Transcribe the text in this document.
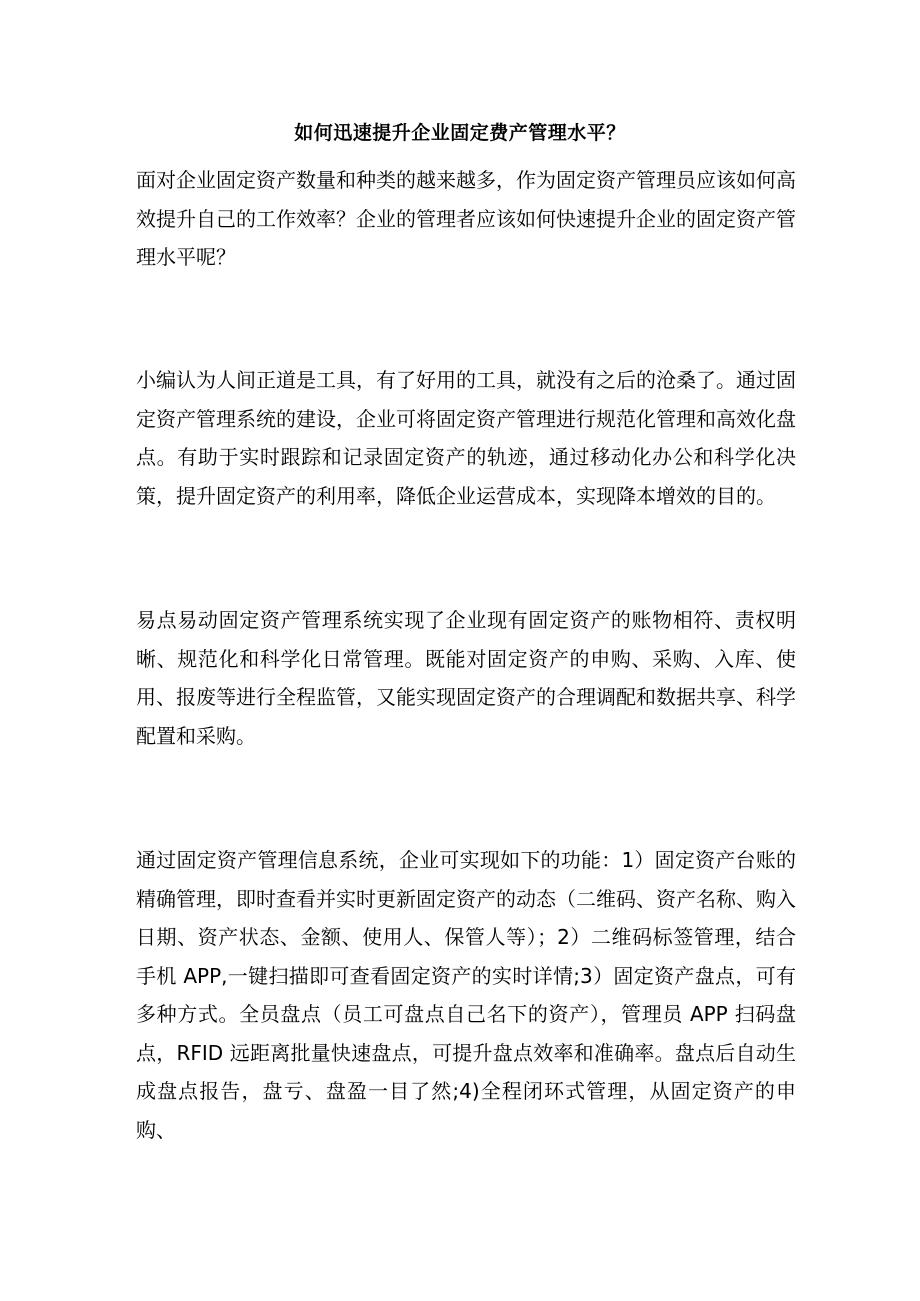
如何迅速提升企业固定费产管理水平？
面对企业固定资产数量和种类的越来越多，作为固定资产管理员应该如何高效提升自己的工作效率？企业的管理者应该如何快速提升企业的固定资产管理水平呢？
小编认为人间正道是工具，有了好用的工具，就没有之后的沧桑了。通过固定资产管理系统的建设，企业可将固定资产管理进行规范化管理和高效化盘点。有助于实时跟踪和记录固定资产的轨迹，通过移动化办公和科学化决策，提升固定资产的利用率，降低企业运营成本，实现降本增效的目的。
易点易动固定资产管理系统实现了企业现有固定资产的账物相符、责权明晰、规范化和科学化日常管理。既能对固定资产的申购、采购、入库、使用、报废等进行全程监管，又能实现固定资产的合理调配和数据共享、科学配置和采购。
通过固定资产管理信息系统，企业可实现如下的功能：1）固定资产台账的精确管理，即时查看并实时更新固定资产的动态（二维码、资产名称、购入日期、资产状态、金额、使用人、保管人等）；2）二维码标签管理，结合手机 APP,一键扫描即可查看固定资产的实时详情;3）固定资产盘点，可有多种方式。全员盘点（员工可盘点自己名下的资产），管理员 APP 扫码盘点，RFID 远距离批量快速盘点，可提升盘点效率和准确率。盘点后自动生成盘点报告，盘亏、盘盈一目了然;4)全程闭环式管理，从固定资产的申购、
